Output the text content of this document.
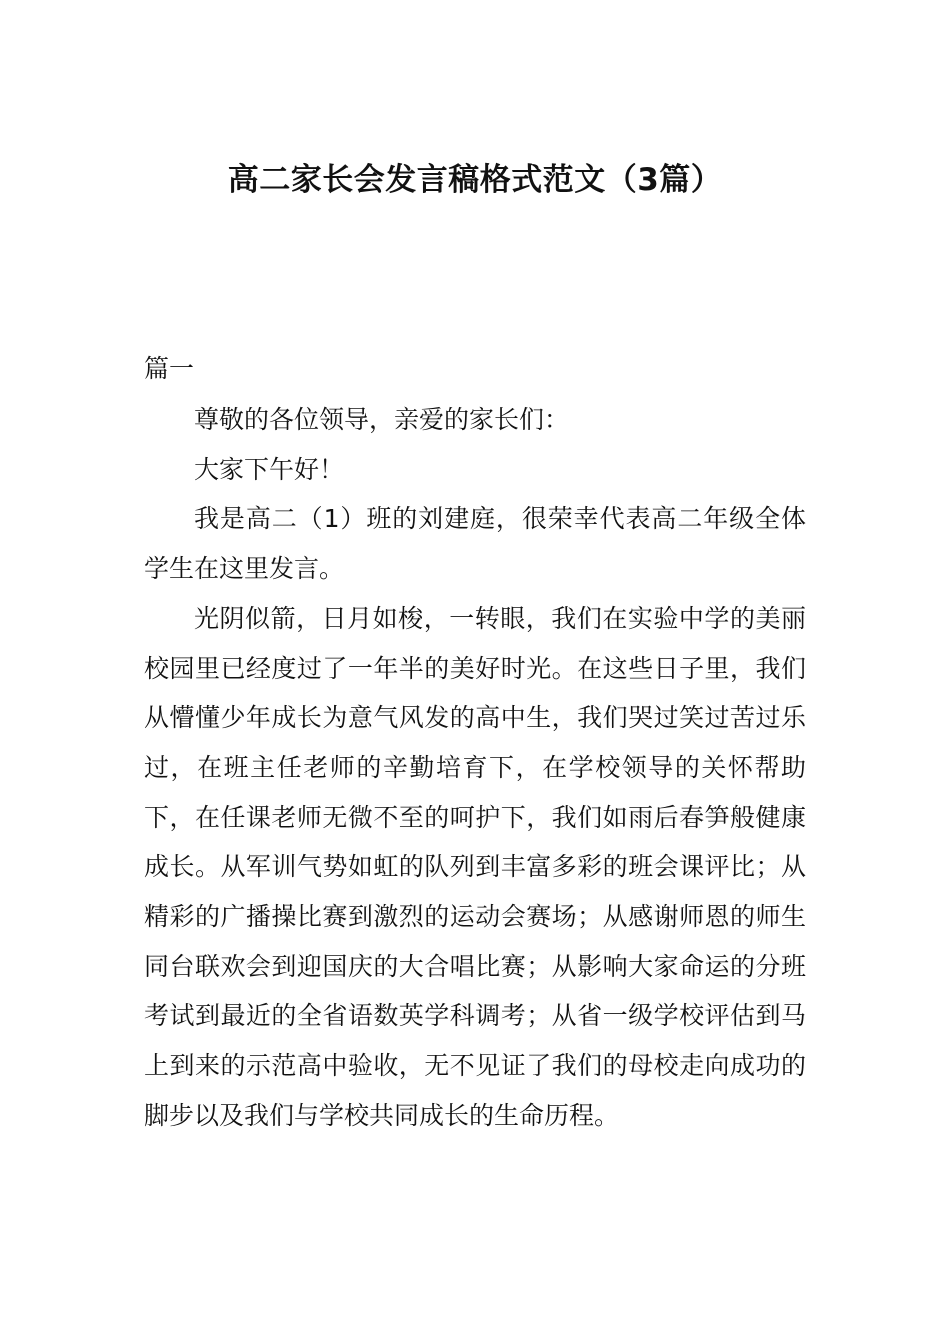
高二家长会发言稿格式范文（3篇）

篇一

尊敬的各位领导，亲爱的家长们：

大家下午好！

我是高二（1）班的刘建庭，很荣幸代表高二年级全体学生在这里发言。

光阴似箭，日月如梭，一转眼，我们在实验中学的美丽校园里已经度过了一年半的美好时光。在这些日子里，我们从懵懂少年成长为意气风发的高中生，我们哭过笑过苦过乐过，在班主任老师的辛勤培育下，在学校领导的关怀帮助下，在任课老师无微不至的呵护下，我们如雨后春笋般健康成长。从军训气势如虹的队列到丰富多彩的班会课评比；从精彩的广播操比赛到激烈的运动会赛场；从感谢师恩的师生同台联欢会到迎国庆的大合唱比赛；从影响大家命运的分班考试到最近的全省语数英学科调考；从省一级学校评估到马上到来的示范高中验收，无不见证了我们的母校走向成功的脚步以及我们与学校共同成长的生命历程。
